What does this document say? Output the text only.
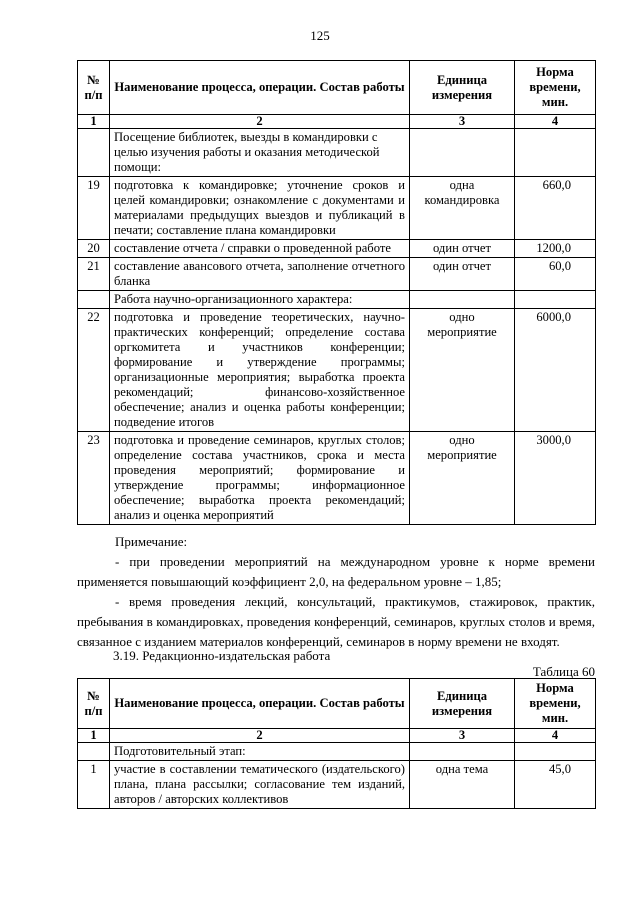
125
№ п/п	Наименование процесса, операции. Состав работы	Единица измерения	Норма времени, мин.
1	2	3	4
	Посещение библиотек, выезды в командировки с целью изучения работы и оказания методической помощи:		
19	подготовка к командировке; уточнение сроков и целей командировки; ознакомление с документами и материалами предыдущих выездов и публикаций в печати; составление плана командировки	одна командировка	660,0
20	составление отчета / справки о проведенной работе	один отчет	1200,0
21	составление авансового отчета, заполнение отчетного бланка	один отчет	60,0
	Работа научно-организационного характера:		
22	подготовка и проведение теоретических, научно-практических конференций; определение состава оргкомитета и участников конференции; формирование и утверждение программы; организационные мероприятия; выработка проекта рекомендаций; финансово-хозяйственное обеспечение; анализ и оценка работы конференции; подведение итогов	одно мероприятие	6000,0
23	подготовка и проведение семинаров, круглых столов; определение состава участников, срока и места проведения мероприятий; формирование и утверждение программы; информационное обеспечение; выработка проекта рекомендаций; анализ и оценка мероприятий	одно мероприятие	3000,0
Примечание:
- при проведении мероприятий на международном уровне к норме времени применяется повышающий коэффициент 2,0, на федеральном уровне – 1,85;
- время проведения лекций, консультаций, практикумов, стажировок, практик, пребывания в командировках, проведения конференций, семинаров, круглых столов и время, связанное с изданием материалов конференций, семинаров в норму времени не входят.
3.19. Редакционно-издательская работа
Таблица 60
№ п/п	Наименование процесса, операции. Состав работы	Единица измерения	Норма времени, мин.
1	2	3	4
	Подготовительный этап:		
1	участие в составлении тематического (издательского) плана, плана рассылки; согласование тем изданий, авторов / авторских коллективов	одна тема	45,0
